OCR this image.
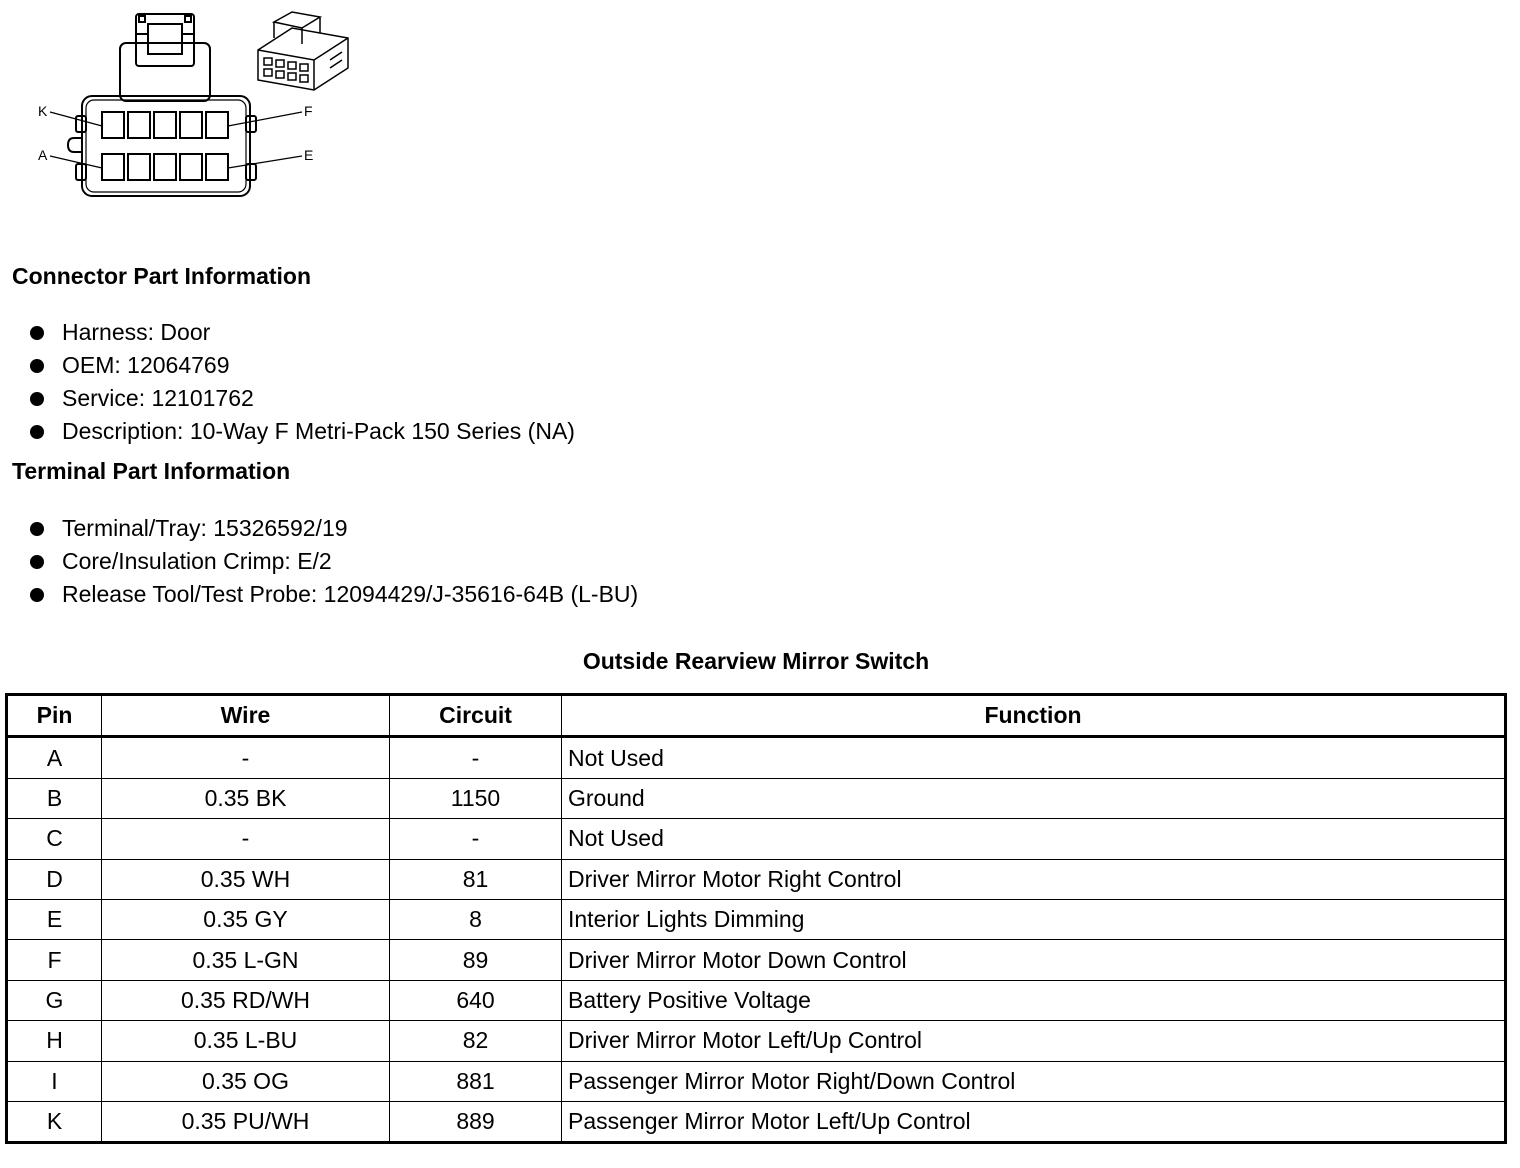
K
A
F
E
Connector Part Information
Harness: Door
OEM: 12064769
Service: 12101762
Description: 10-Way F Metri-Pack 150 Series (NA)
Terminal Part Information
Terminal/Tray: 15326592/19
Core/Insulation Crimp: E/2
Release Tool/Test Probe: 12094429/J-35616-64B (L-BU)
Outside Rearview Mirror Switch
Pin	Wire	Circuit	Function
A	-	-	Not Used
B	0.35 BK	1150	Ground
C	-	-	Not Used
D	0.35 WH	81	Driver Mirror Motor Right Control
E	0.35 GY	8	Interior Lights Dimming
F	0.35 L-GN	89	Driver Mirror Motor Down Control
G	0.35 RD/WH	640	Battery Positive Voltage
H	0.35 L-BU	82	Driver Mirror Motor Left/Up Control
I	0.35 OG	881	Passenger Mirror Motor Right/Down Control
K	0.35 PU/WH	889	Passenger Mirror Motor Left/Up Control
